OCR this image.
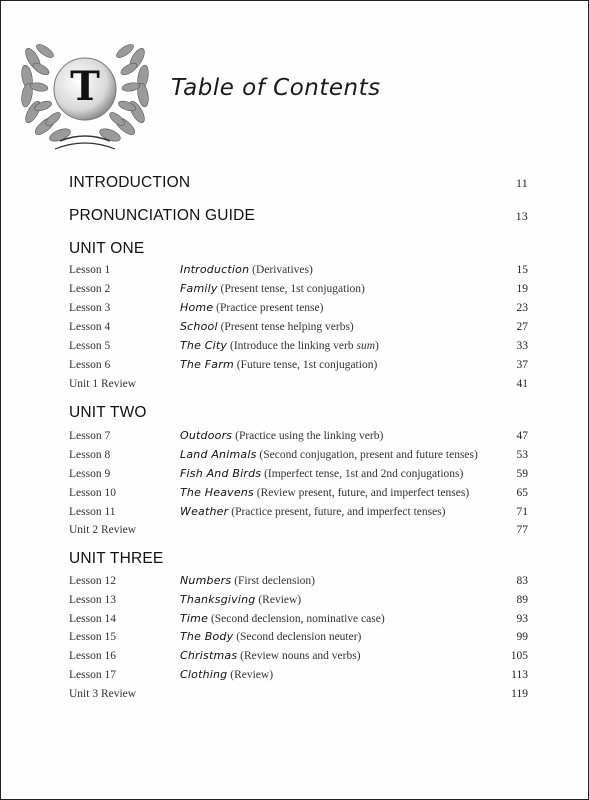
T	Table of Contents
INTRODUCTION	11
PRONUNCIATION GUIDE	13
UNIT ONE
Lesson 1	Introduction (Derivatives)	15
Lesson 2	Family (Present tense, 1st conjugation)	19
Lesson 3	Home (Practice present tense)	23
Lesson 4	School (Present tense helping verbs)	27
Lesson 5	The City (Introduce the linking verb sum)	33
Lesson 6	The Farm (Future tense, 1st conjugation)	37
Unit 1 Review	41
UNIT TWO
Lesson 7	Outdoors (Practice using the linking verb)	47
Lesson 8	Land Animals (Second conjugation, present and future tenses)	53
Lesson 9	Fish And Birds (Imperfect tense, 1st and 2nd conjugations)	59
Lesson 10	The Heavens (Review present, future, and imperfect tenses)	65
Lesson 11	Weather (Practice present, future, and imperfect tenses)	71
Unit 2 Review	77
UNIT THREE
Lesson 12	Numbers (First declension)	83
Lesson 13	Thanksgiving (Review)	89
Lesson 14	Time (Second declension, nominative case)	93
Lesson 15	The Body (Second declension neuter)	99
Lesson 16	Christmas (Review nouns and verbs)	105
Lesson 17	Clothing (Review)	113
Unit 3 Review	119
